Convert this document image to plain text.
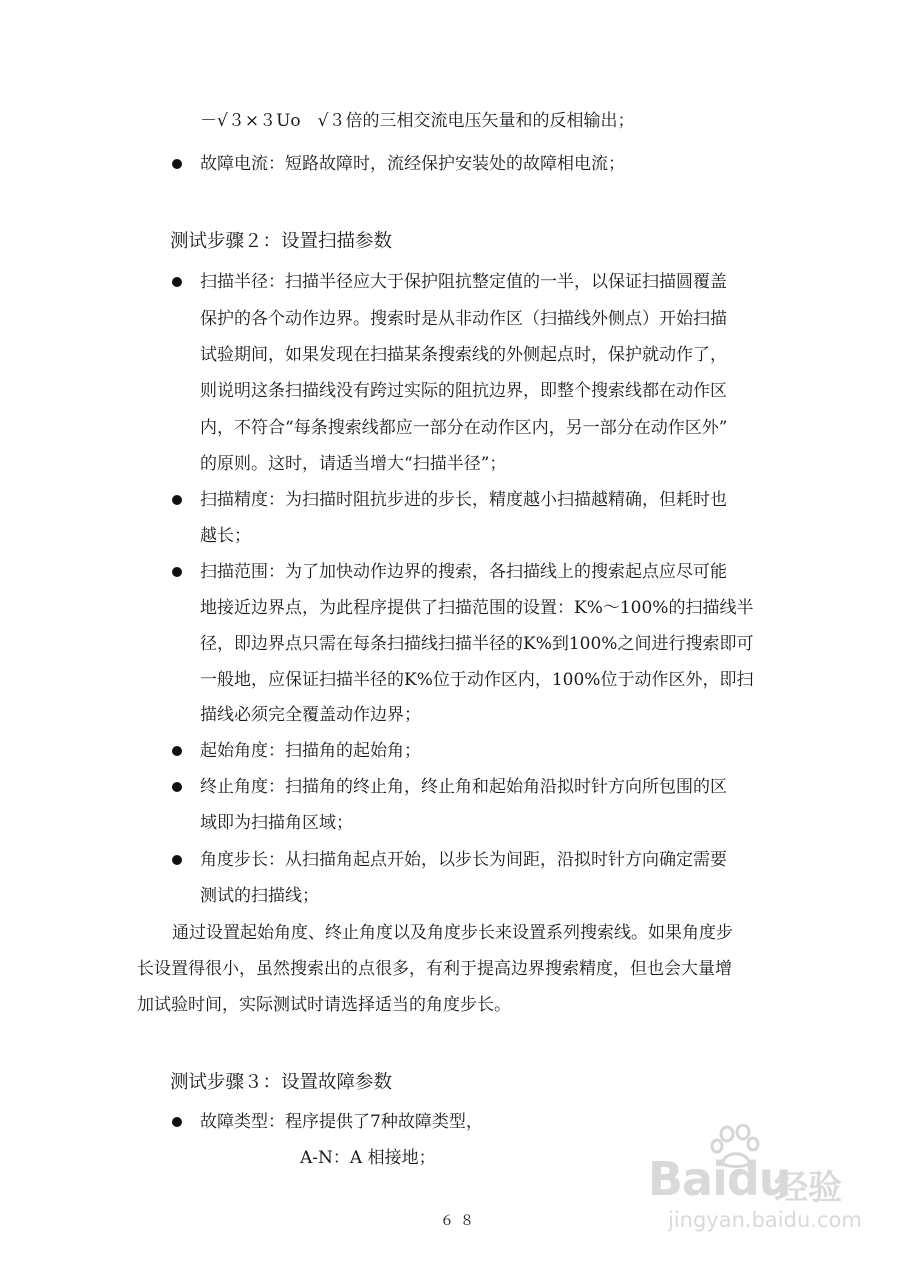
－√３×３Uo　√３倍的三相交流电压矢量和的反相输出；
故障电流：短路故障时，流经保护安装处的故障相电流；
测试步骤２：设置扫描参数
扫描半径：扫描半径应大于保护阻抗整定值的一半，以保证扫描圆覆盖
保护的各个动作边界。搜索时是从非动作区（扫描线外侧点）开始扫描
试验期间，如果发现在扫描某条搜索线的外侧起点时，保护就动作了，
则说明这条扫描线没有跨过实际的阻抗边界，即整个搜索线都在动作区
内，不符合“每条搜索线都应一部分在动作区内，另一部分在动作区外”
的原则。这时，请适当增大“扫描半径”；
扫描精度：为扫描时阻抗步进的步长，精度越小扫描越精确，但耗时也
越长；
扫描范围：为了加快动作边界的搜索，各扫描线上的搜索起点应尽可能
地接近边界点，为此程序提供了扫描范围的设置：K%～100%的扫描线半
径，即边界点只需在每条扫描线扫描半径的K%到100%之间进行搜索即可
一般地，应保证扫描半径的K%位于动作区内，100%位于动作区外，即扫
描线必须完全覆盖动作边界；
起始角度：扫描角的起始角；
终止角度：扫描角的终止角，终止角和起始角沿拟时针方向所包围的区
域即为扫描角区域；
角度步长：从扫描角起点开始，以步长为间距，沿拟时针方向确定需要
测试的扫描线；
通过设置起始角度、终止角度以及角度步长来设置系列搜索线。如果角度步
长设置得很小，虽然搜索出的点很多，有利于提高边界搜索精度，但也会大量增
加试验时间，实际测试时请选择适当的角度步长。
测试步骤３：设置故障参数
故障类型：程序提供了7种故障类型，
A-N：A 相接地；
６８
Baidu
经验
jingyan.baidu.com
